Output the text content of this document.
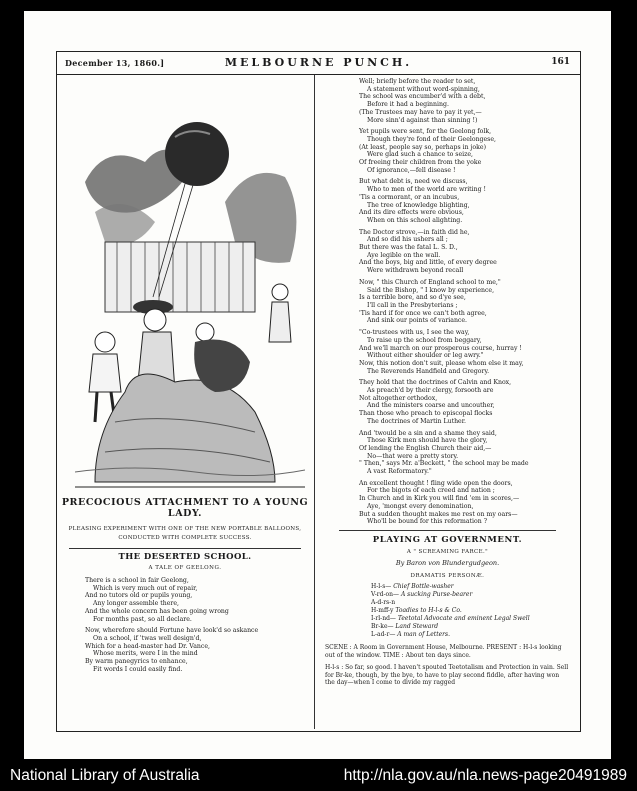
December 13, 1860.]	MELBOURNE PUNCH.	161
PRECOCIOUS ATTACHMENT TO A YOUNG LADY.
PLEASING EXPERIMENT WITH ONE OF THE NEW PORTABLE BALLOONS,
CONDUCTED WITH COMPLETE SUCCESS.
THE DESERTED SCHOOL.
A TALE OF GEELONG.
There is a school in fair Geelong,
Which is very much out of repair,
And no tutors old or pupils young,
Any longer assemble there,
And the whole concern has been going wrong
For months past, so all declare.
Now, wherefore should Fortune have look'd so askance
On a school, if 'twas well design'd,
Which for a head-master had Dr. Vance,
Whose merits, were I in the mind
By warm panegyrics to enhance,
Fit words I could easily find.
Well; briefly before the reader to set,
A statement without word-spinning,
The school was encumber'd with a debt,
Before it had a beginning.
(The Trustees may have to pay it yet,—
More sinn'd against than sinning !)
Yet pupils were sent, for the Geelong folk,
Though they're fond of their Geelongese,
(At least, people say so, perhaps in joke)
Were glad such a chance to seize,
Of freeing their children from the yoke
Of ignorance,—fell disease !
But what debt is, need we discuss,
Who to men of the world are writing !
'Tis a cormorant, or an incubus,
The tree of knowledge blighting,
And its dire effects were obvious,
When on this school alighting.
The Doctor strove,—in faith did he,
And so did his ushers all ;
But there was the fatal L. S. D.,
Aye legible on the wall.
And the boys, big and little, of every degree
Were withdrawn beyond recall
Now, " this Church of England school to me,"
Said the Bishop, " I know by experience,
Is a terrible bore, and so d'ye see,
I'll call in the Presbyterians ;
'Tis hard if for once we can't both agree,
And sink our points of variance.
"Co-trustees with us, I see the way,
To raise up the school from beggary,
And we'll march on our prosperous course, hurray !
Without either shoulder or leg awry."
Now, this notion don't suit, please whom else it may,
The Reverends Handfield and Gregory.
They hold that the doctrines of Calvin and Knox,
As preach'd by their clergy, forsooth are
Not altogether orthodox,
And the ministers coarse and uncouther,
Than those who preach to episcopal flocks
The doctrines of Martin Luther.
And 'twould be a sin and a shame they said,
Those Kirk men should have the glory,
Of lending the English Church their aid,—
No—that were a pretty story.
" Then," says Mr. a'Beckett, " the school may be made
A vast Reformatory."
An excellent thought ! fling wide open the doors,
For the bigots of each creed and nation ;
In Church and in Kirk you will find 'em in scores,—
Aye, 'mongst every denomination,
But a sudden thought makes me rest on my oars—
Who'll be bound for this reformation ?
PLAYING AT GOVERNMENT.
A " SCREAMING FARCE."
By Baron von Blundergudgeon.
DRAMATIS PERSONÆ.
H-l-s— Chief Bottle-washer
V-rd-on— A sucking Purse-bearer
A-d-rs-n
H-mff-y Toadies to H-l-s & Co.
I-rl-nd— Teetotal Advocate and eminent Legal Swell
Br-ke— Land Steward
L-ad-r— A man of Letters.
SCENE : A Room in Government House, Melbourne. PRESENT : H-l-s looking out of the window. TIME : About ten days since.
H-l-s : So far, so good. I haven't spouted Teetotalism and Protection in vain. Sell for Br-ke, though, by the bye, to have to play second fiddle, after having won the day—when I come to divide my ragged
National Library of Australia	http://nla.gov.au/nla.news-page20491989
